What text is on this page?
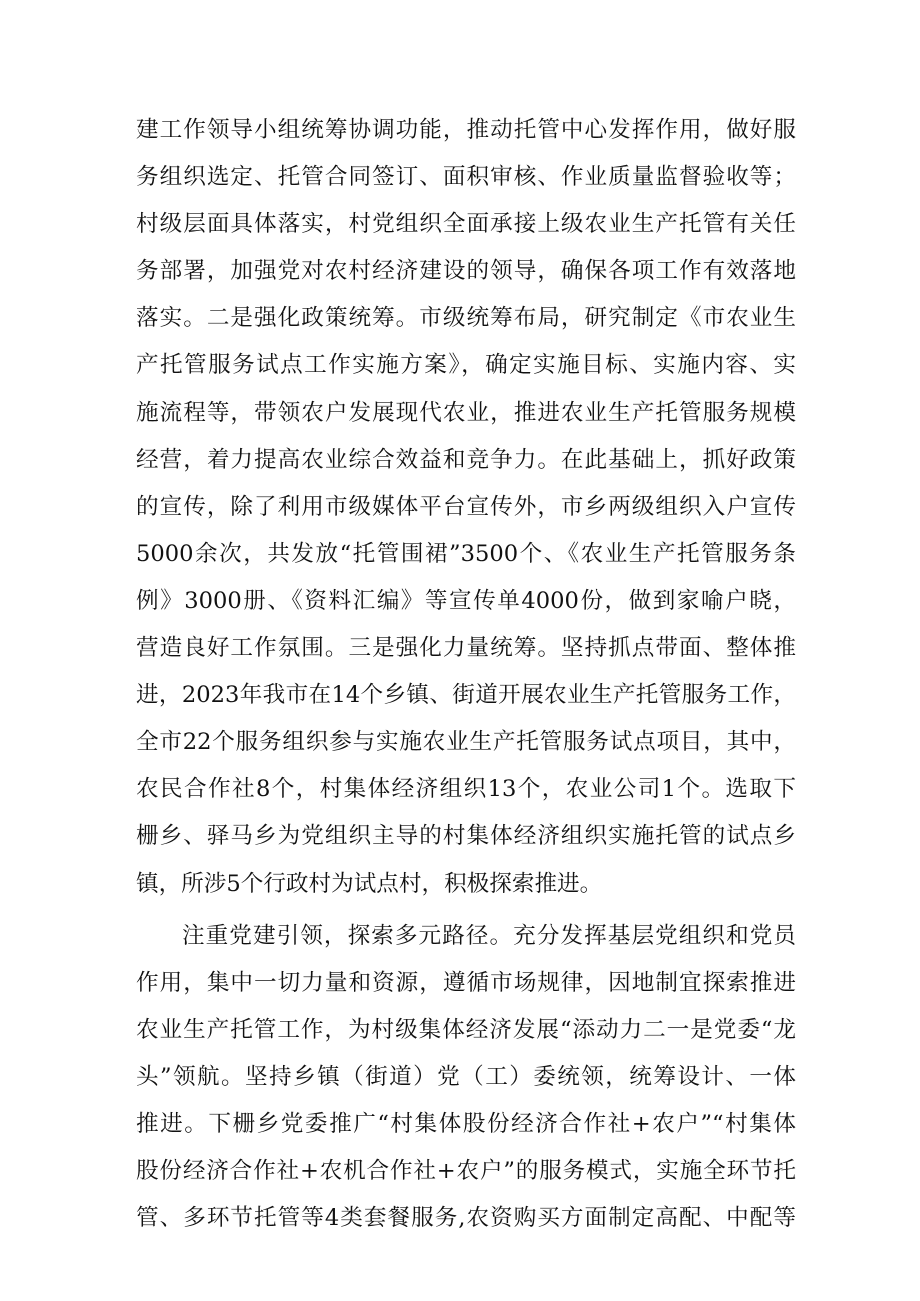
建工作领导小组统筹协调功能，推动托管中心发挥作用，做好服
务组织选定、托管合同签订、面积审核、作业质量监督验收等；
村级层面具体落实，村党组织全面承接上级农业生产托管有关任
务部署，加强党对农村经济建设的领导，确保各项工作有效落地
落实。二是强化政策统筹。市级统筹布局，研究制定《市农业生
产托管服务试点工作实施方案》，确定实施目标、实施内容、实
施流程等，带领农户发展现代农业，推进农业生产托管服务规模
经营，着力提高农业综合效益和竞争力。在此基础上，抓好政策
的宣传，除了利用市级媒体平台宣传外，市乡两级组织入户宣传
5000余次，共发放“托管围裙”3500个、《农业生产托管服务条
例》3000册、《资料汇编》等宣传单4000份，做到家喻户晓，
营造良好工作氛围。三是强化力量统筹。坚持抓点带面、整体推
进，2023年我市在14个乡镇、街道开展农业生产托管服务工作，
全市22个服务组织参与实施农业生产托管服务试点项目，其中，
农民合作社8个，村集体经济组织13个，农业公司1个。选取下
栅乡、驿马乡为党组织主导的村集体经济组织实施托管的试点乡
镇，所涉5个行政村为试点村，积极探索推进。
注重党建引领，探索多元路径。充分发挥基层党组织和党员
作用，集中一切力量和资源，遵循市场规律，因地制宜探索推进
农业生产托管工作，为村级集体经济发展“添动力二一是党委“龙
头”领航。坚持乡镇（街道）党（工）委统领，统筹设计、一体
推进。下栅乡党委推广“村集体股份经济合作社+农户”“村集体
股份经济合作社+农机合作社+农户”的服务模式，实施全环节托
管、多环节托管等4类套餐服务,农资购买方面制定高配、中配等
